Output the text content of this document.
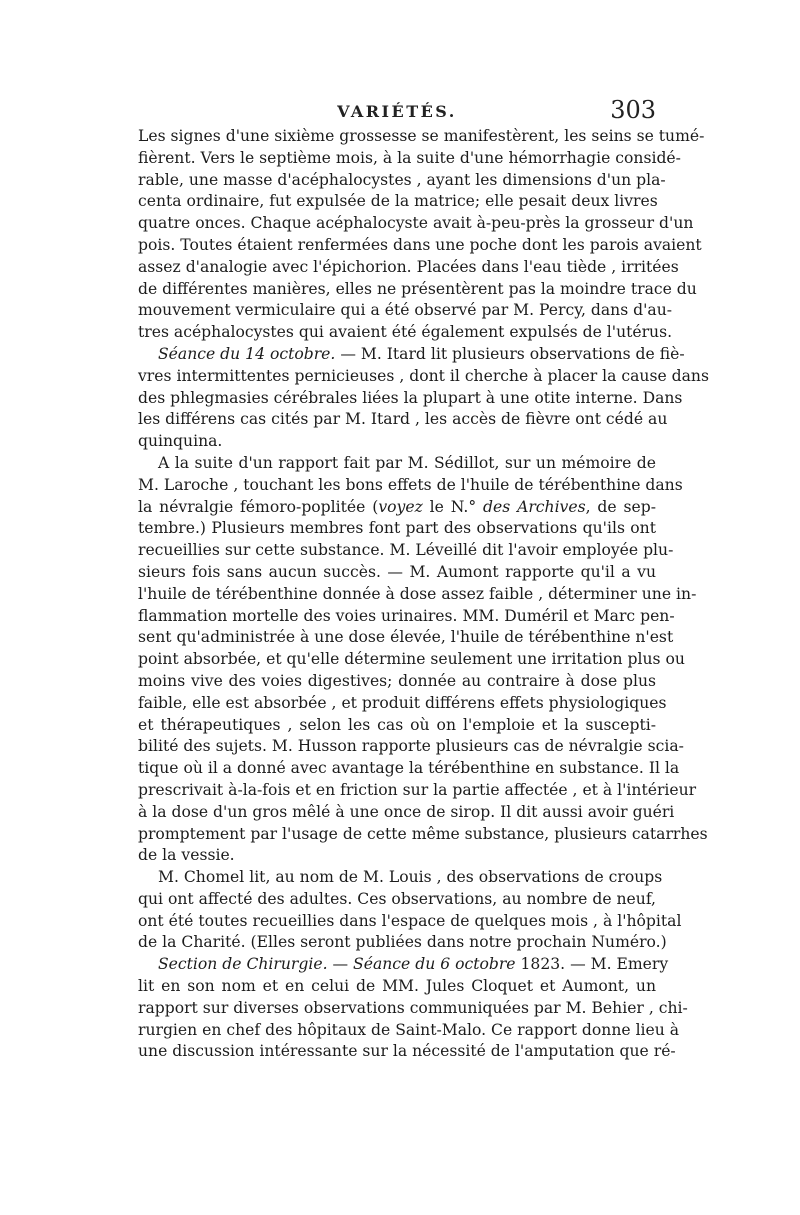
VARIÉTÉS.	303
Les signes d'une sixième grossesse se manifestèrent, les seins se tumé-
fièrent. Vers le septième mois, à la suite d'une hémorrhagie considé-
rable, une masse d'acéphalocystes , ayant les dimensions d'un pla-
centa ordinaire, fut expulsée de la matrice; elle pesait deux livres
quatre onces. Chaque acéphalocyste avait à-peu-près la grosseur d'un
pois. Toutes étaient renfermées dans une poche dont les parois avaient
assez d'analogie avec l'épichorion. Placées dans l'eau tiède , irritées
de différentes manières, elles ne présentèrent pas la moindre trace du
mouvement vermiculaire qui a été observé par M. Percy, dans d'au-
tres acéphalocystes qui avaient été également expulsés de l'utérus.
Séance du 14 octobre. — M. Itard lit plusieurs observations de fiè-
vres intermittentes pernicieuses , dont il cherche à placer la cause dans
des phlegmasies cérébrales liées la plupart à une otite interne. Dans
les différens cas cités par M. Itard , les accès de fièvre ont cédé au
quinquina.
A la suite d'un rapport fait par M. Sédillot, sur un mémoire de
M. Laroche , touchant les bons effets de l'huile de térébenthine dans
la névralgie fémoro-poplitée (voyez le N.° des Archives, de sep-
tembre.) Plusieurs membres font part des observations qu'ils ont
recueillies sur cette substance. M. Léveillé dit l'avoir employée plu-
sieurs fois sans aucun succès. — M. Aumont rapporte qu'il a vu
l'huile de térébenthine donnée à dose assez faible , déterminer une in-
flammation mortelle des voies urinaires. MM. Duméril et Marc pen-
sent qu'administrée à une dose élevée, l'huile de térébenthine n'est
point absorbée, et qu'elle détermine seulement une irritation plus ou
moins vive des voies digestives; donnée au contraire à dose plus
faible, elle est absorbée , et produit différens effets physiologiques
et thérapeutiques , selon les cas où on l'emploie et la suscepti-
bilité des sujets. M. Husson rapporte plusieurs cas de névralgie scia-
tique où il a donné avec avantage la térébenthine en substance. Il la
prescrivait à-la-fois et en friction sur la partie affectée , et à l'intérieur
à la dose d'un gros mêlé à une once de sirop. Il dit aussi avoir guéri
promptement par l'usage de cette même substance, plusieurs catarrhes
de la vessie.
M. Chomel lit, au nom de M. Louis , des observations de croups
qui ont affecté des adultes. Ces observations, au nombre de neuf,
ont été toutes recueillies dans l'espace de quelques mois , à l'hôpital
de la Charité. (Elles seront publiées dans notre prochain Numéro.)
Section de Chirurgie. — Séance du 6 octobre 1823. — M. Emery
lit en son nom et en celui de MM. Jules Cloquet et Aumont, un
rapport sur diverses observations communiquées par M. Behier , chi-
rurgien en chef des hôpitaux de Saint-Malo. Ce rapport donne lieu à
une discussion intéressante sur la nécessité de l'amputation que ré-
